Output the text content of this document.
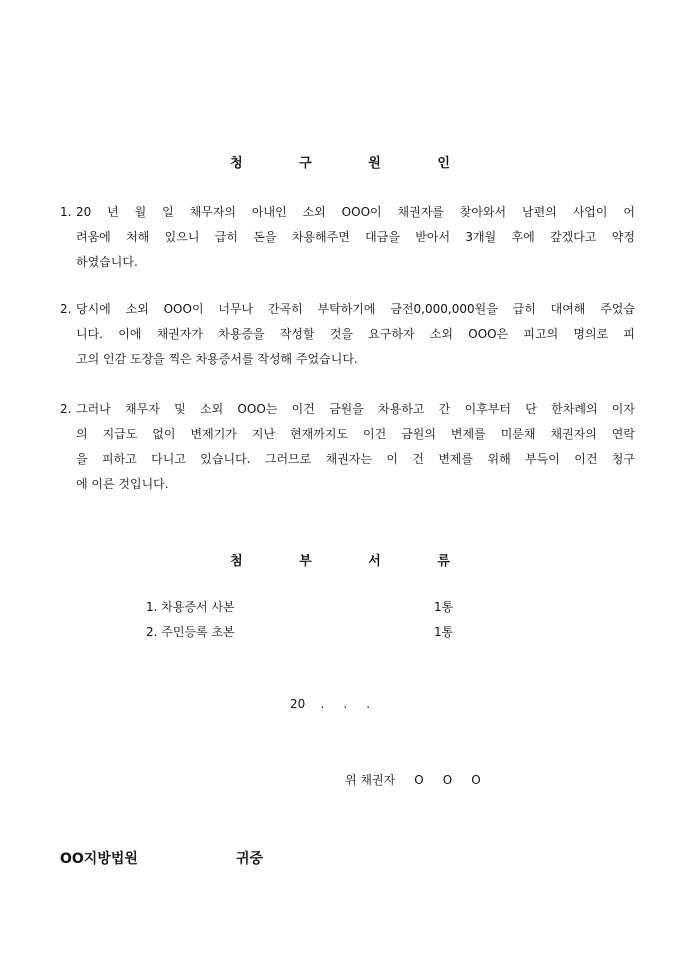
청 구 원 인
1. 20 년 월 일 채무자의 아내인 소외 OOO이 채권자를 찾아와서 남편의 사업이 어
려움에 처해 있으니 급히 돈을 차용해주면 대금을 받아서 3개월 후에 갚겠다고 약정
하였습니다.
2. 당시에 소외 OOO이 너무나 간곡히 부탁하기에 금전0,000,000원을 급히 대여해 주었습
니다. 이에 채권자가 차용증을 작성할 것을 요구하자 소외 OOO은 피고의 명의로 피
고의 인감 도장을 찍은 차용증서를 작성해 주었습니다.
2. 그러나 채무자 및 소외 OOO는 이건 금원을 차용하고 간 이후부터 단 한차례의 이자
의 지급도 없이 변제기가 지난 현재까지도 이건 금원의 변제를 미룬채 채권자의 연락
을 피하고 다니고 있습니다. 그러므로 채권자는 이 건 변제를 위해 부득이 이건 청구
에 이른 것입니다.
첨 부 서 류
1. 차용증서 사본	1통
2. 주민등록 초본	1통
20    .     .     .
위 채권자     O     O     O
OO지방법원	귀중
